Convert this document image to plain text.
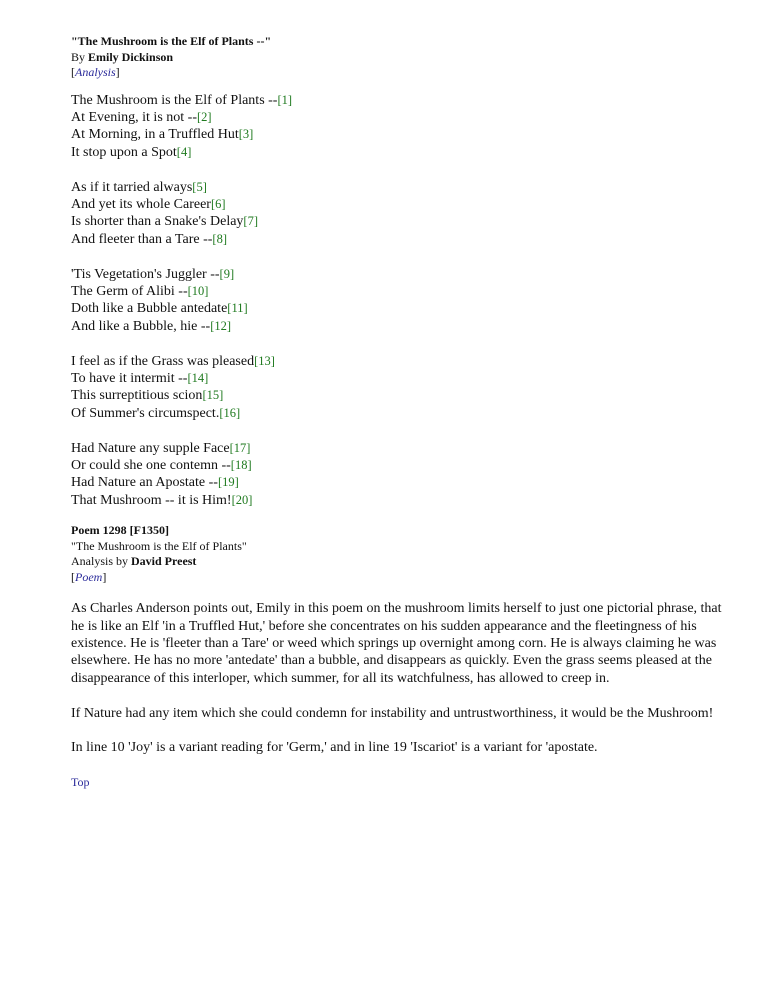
"The Mushroom is the Elf of Plants --"
By Emily Dickinson
[Analysis]
The Mushroom is the Elf of Plants --[1]
At Evening, it is not --[2]
At Morning, in a Truffled Hut[3]
It stop upon a Spot[4]
As if it tarried always[5]
And yet its whole Career[6]
Is shorter than a Snake's Delay[7]
And fleeter than a Tare --[8]
'Tis Vegetation's Juggler --[9]
The Germ of Alibi --[10]
Doth like a Bubble antedate[11]
And like a Bubble, hie --[12]
I feel as if the Grass was pleased[13]
To have it intermit --[14]
This surreptitious scion[15]
Of Summer's circumspect.[16]
Had Nature any supple Face[17]
Or could she one contemn --[18]
Had Nature an Apostate --[19]
That Mushroom -- it is Him![20]
Poem 1298 [F1350]
"The Mushroom is the Elf of Plants"
Analysis by David Preest
[Poem]

As Charles Anderson points out, Emily in this poem on the mushroom limits herself to just one pictorial phrase, that he is like an Elf 'in a Truffled Hut,' before she concentrates on his sudden appearance and the fleetingness of his existence. He is 'fleeter than a Tare' or weed which springs up overnight among corn. He is always claiming he was elsewhere. He has no more 'antedate' than a bubble, and disappears as quickly. Even the grass seems pleased at the disappearance of this interloper, which summer, for all its watchfulness, has allowed to creep in.

If Nature had any item which she could condemn for instability and untrustworthiness, it would be the Mushroom!

In line 10 'Joy' is a variant reading for 'Germ,' and in line 19 'Iscariot' is a variant for 'apostate.

Top
